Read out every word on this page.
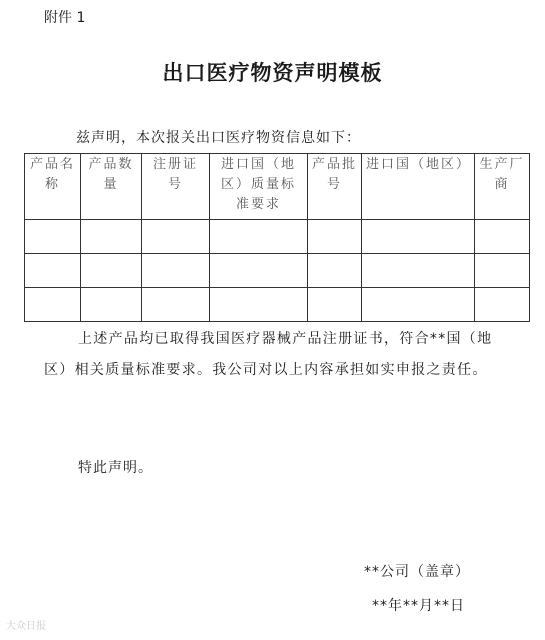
附件 1
出口医疗物资声明模板
兹声明，本次报关出口医疗物资信息如下：
产品名称	产品数量	注册证号	进口国（地区）质量标准要求	产品批号	进口国（地区）	生产厂商

上述产品均已取得我国医疗器械产品注册证书，符合**国（地区）相关质量标准要求。我公司对以上内容承担如实申报之责任。
特此声明。
**公司（盖章）
**年**月**日
大众日报
